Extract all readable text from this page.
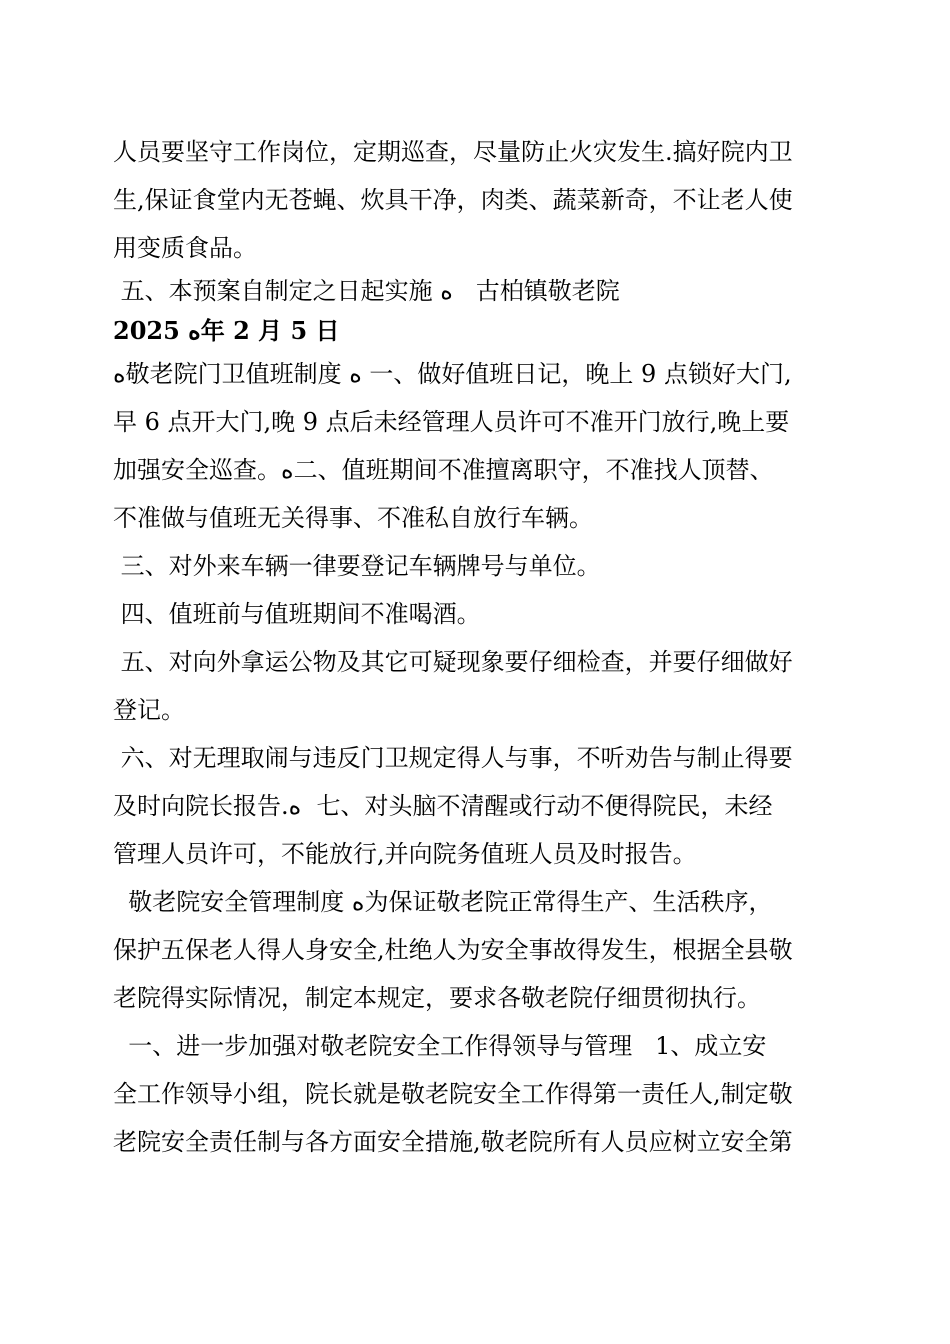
人员要坚守工作岗位，定期巡查，尽量防止火灾发生.搞好院内卫
生,保证食堂内无苍蝇、炊具干净，肉类、蔬菜新奇，不让老人使
用变质食品。
五、本预案自制定之日起实施 ﻩ   古柏镇敬老院
2025 ﻩ年 2 月 5 日
ﻩ敬老院门卫值班制度 ﻩ 一、做好值班日记，晚上 9 点锁好大门,
早 6 点开大门,晚 9 点后未经管理人员许可不准开门放行,晚上要
加强安全巡查。ﻩ二、值班期间不准擅离职守，不准找人顶替、
不准做与值班无关得事、不准私自放行车辆。
三、对外来车辆一律要登记车辆牌号与单位。
四、值班前与值班期间不准喝酒。
五、对向外拿运公物及其它可疑现象要仔细检查，并要仔细做好
登记。
六、对无理取闹与违反门卫规定得人与事，不听劝告与制止得要
及时向院长报告.ﻩ  七、对头脑不清醒或行动不便得院民，未经
管理人员许可，不能放行,并向院务值班人员及时报告。
敬老院安全管理制度 ﻩ为保证敬老院正常得生产、生活秩序，
保护五保老人得人身安全,杜绝人为安全事故得发生，根据全县敬
老院得实际情况，制定本规定，要求各敬老院仔细贯彻执行。
一、进一步加强对敬老院安全工作得领导与管理   1、成立安
全工作领导小组，院长就是敬老院安全工作得第一责任人,制定敬
老院安全责任制与各方面安全措施,敬老院所有人员应树立安全第
